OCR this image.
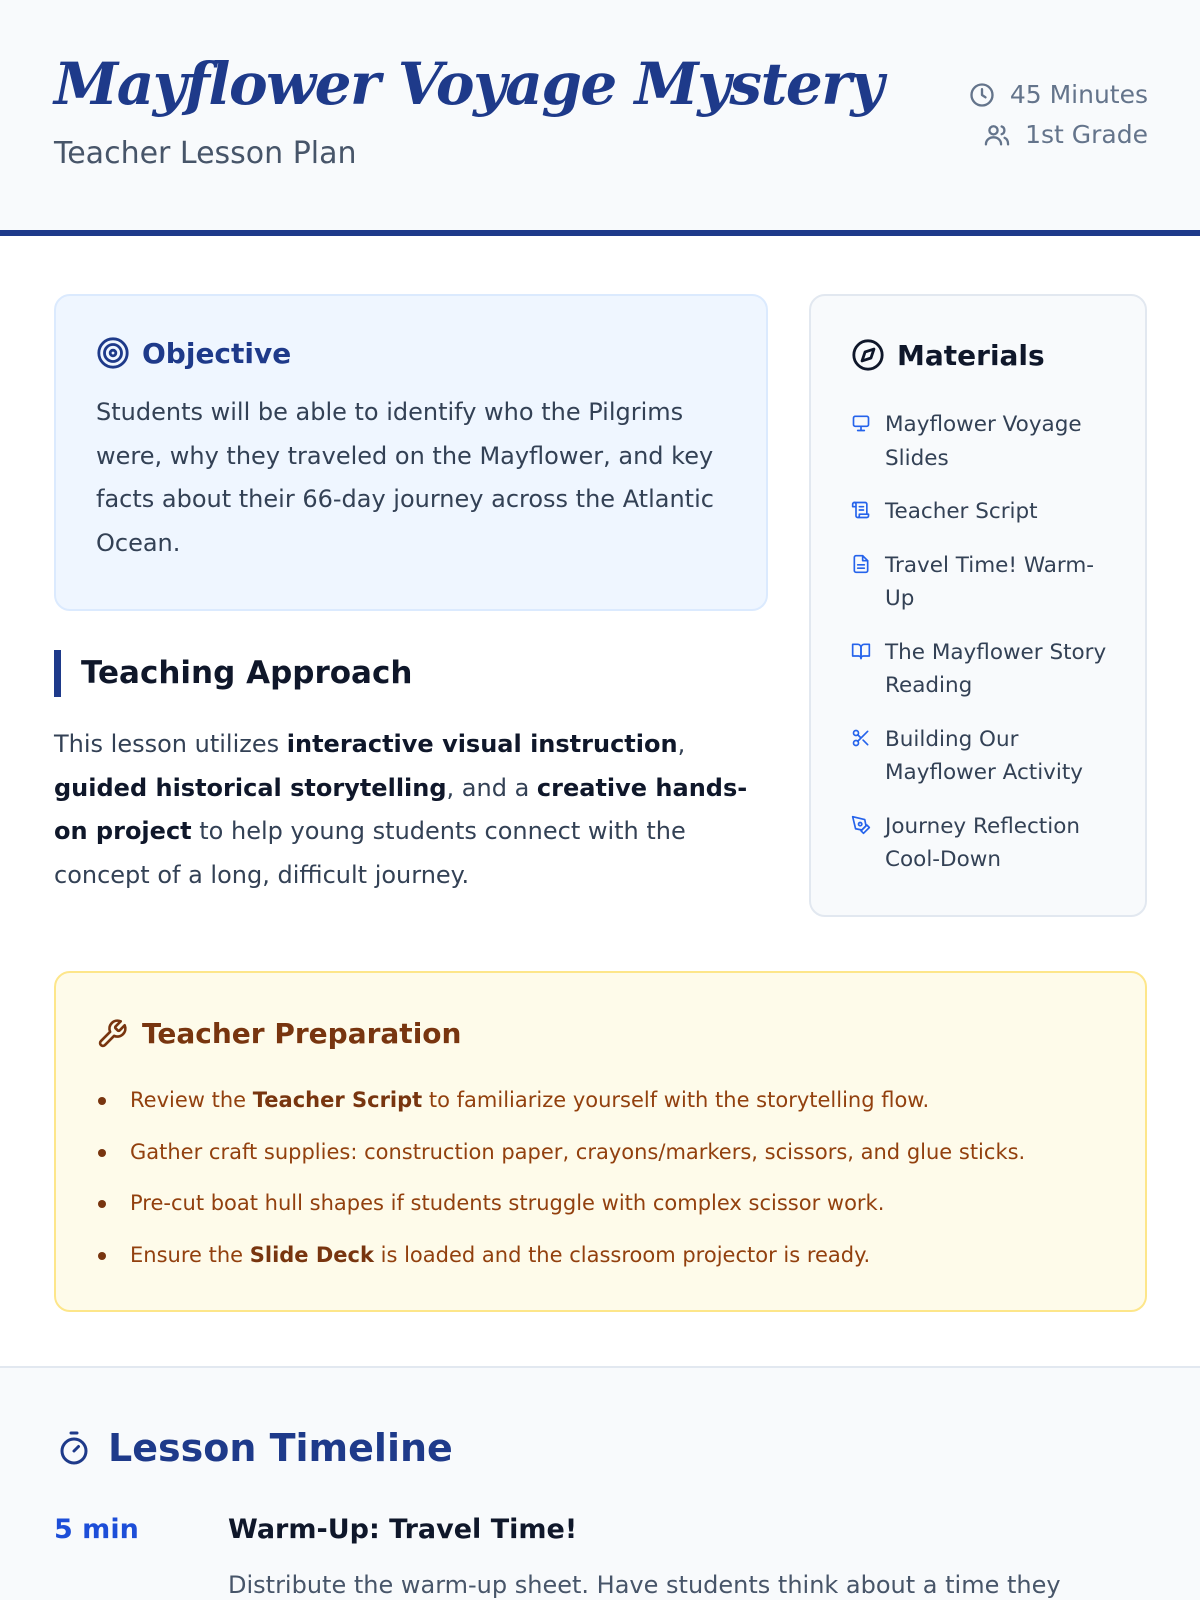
Mayflower Voyage Mystery
Teacher Lesson Plan
45 Minutes
1st Grade
Objective

Students will be able to identify who the Pilgrims were, why they traveled on the Mayflower, and key facts about their 66-day journey across the Atlantic Ocean.

Teaching Approach

This lesson utilizes interactive visual instruction, guided historical storytelling, and a creative hands-on project to help young students connect with the concept of a long, difficult journey.

Materials
Mayflower Voyage Slides
Teacher Script
Travel Time! Warm-Up
The Mayflower Story Reading
Building Our Mayflower Activity
Journey Reflection Cool-Down
Teacher Preparation
Review the Teacher Script to familiarize yourself with the storytelling flow.
Gather craft supplies: construction paper, crayons/markers, scissors, and glue sticks.
Pre-cut boat hull shapes if students struggle with complex scissor work.
Ensure the Slide Deck is loaded and the classroom projector is ready.
Lesson Timeline
5 min	Warm-Up: Travel Time!
Distribute the warm-up sheet. Have students think about a time they
